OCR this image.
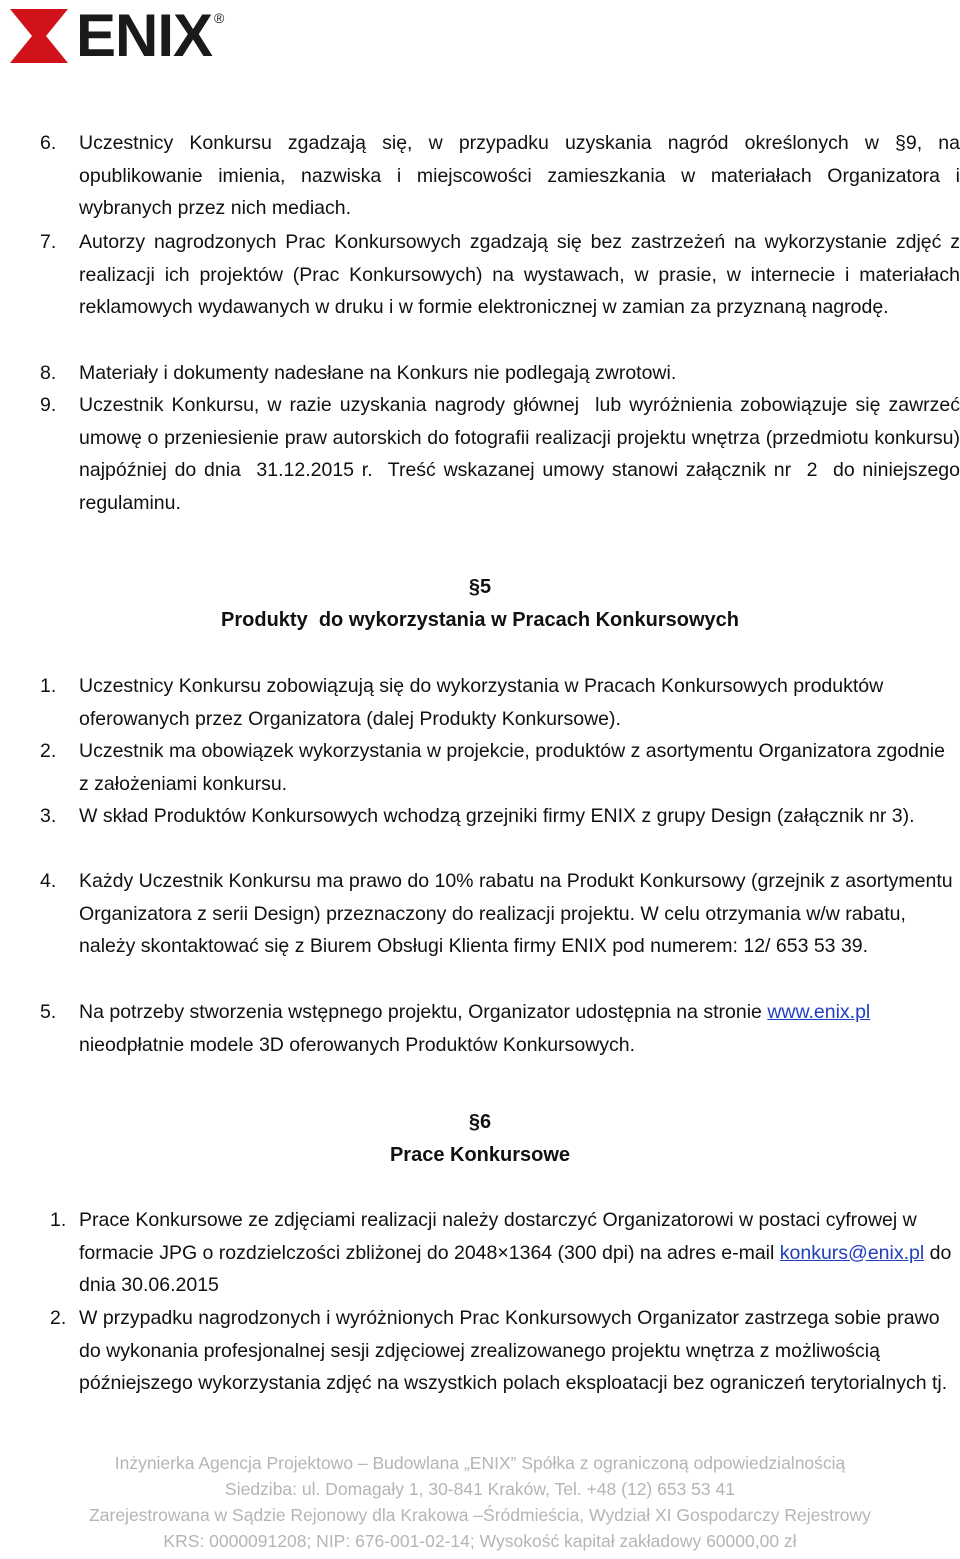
ENIX ®
6.	Uczestnicy Konkursu zgadzają się, w przypadku uzyskania nagród określonych w §9, na opublikowanie imienia, nazwiska i miejscowości zamieszkania w materiałach Organizatora i wybranych przez nich mediach.
7.	Autorzy nagrodzonych Prac Konkursowych zgadzają się bez zastrzeżeń na wykorzystanie zdjęć z realizacji ich projektów (Prac Konkursowych) na wystawach, w prasie, w internecie i materiałach reklamowych wydawanych w druku i w formie elektronicznej w zamian za przyznaną nagrodę.
8.	Materiały i dokumenty nadesłane na Konkurs nie podlegają zwrotowi.
9.	Uczestnik Konkursu, w razie uzyskania nagrody głównej  lub wyróżnienia zobowiązuje się zawrzeć umowę o przeniesienie praw autorskich do fotografii realizacji projektu wnętrza (przedmiotu konkursu) najpóźniej do dnia  31.12.2015 r.  Treść wskazanej umowy stanowi załącznik nr  2  do niniejszego regulaminu.
§5
Produkty  do wykorzystania w Pracach Konkursowych
1.	Uczestnicy Konkursu zobowiązują się do wykorzystania w Pracach Konkursowych produktów oferowanych przez Organizatora (dalej Produkty Konkursowe).
2.	Uczestnik ma obowiązek wykorzystania w projekcie, produktów z asortymentu Organizatora zgodnie z założeniami konkursu.
3.	W skład Produktów Konkursowych wchodzą grzejniki firmy ENIX z grupy Design (załącznik nr 3).
4.	Każdy Uczestnik Konkursu ma prawo do 10% rabatu na Produkt Konkursowy (grzejnik z asortymentu Organizatora z serii Design) przeznaczony do realizacji projektu. W celu otrzymania w/w rabatu, należy skontaktować się z Biurem Obsługi Klienta firmy ENIX pod numerem: 12/ 653 53 39.
5.	Na potrzeby stworzenia wstępnego projektu, Organizator udostępnia na stronie www.enix.pl nieodpłatnie modele 3D oferowanych Produktów Konkursowych.
§6
Prace Konkursowe
1. Prace Konkursowe ze zdjęciami realizacji należy dostarczyć Organizatorowi w postaci cyfrowej w formacie JPG o rozdzielczości zbliżonej do 2048×1364 (300 dpi) na adres e-mail konkurs@enix.pl do dnia 30.06.2015
2. W przypadku nagrodzonych i wyróżnionych Prac Konkursowych Organizator zastrzega sobie prawo do wykonania profesjonalnej sesji zdjęciowej zrealizowanego projektu wnętrza z możliwością późniejszego wykorzystania zdjęć na wszystkich polach eksploatacji bez ograniczeń terytorialnych tj.
Inżynierka Agencja Projektowo – Budowlana „ENIX” Spółka z ograniczoną odpowiedzialnością
Siedziba: ul. Domagały 1, 30-841 Kraków, Tel. +48 (12) 653 53 41
Zarejestrowana w Sądzie Rejonowy dla Krakowa –Śródmieścia, Wydział XI Gospodarczy Rejestrowy
KRS: 0000091208; NIP: 676-001-02-14; Wysokość kapitał zakładowy 60000,00 zł
